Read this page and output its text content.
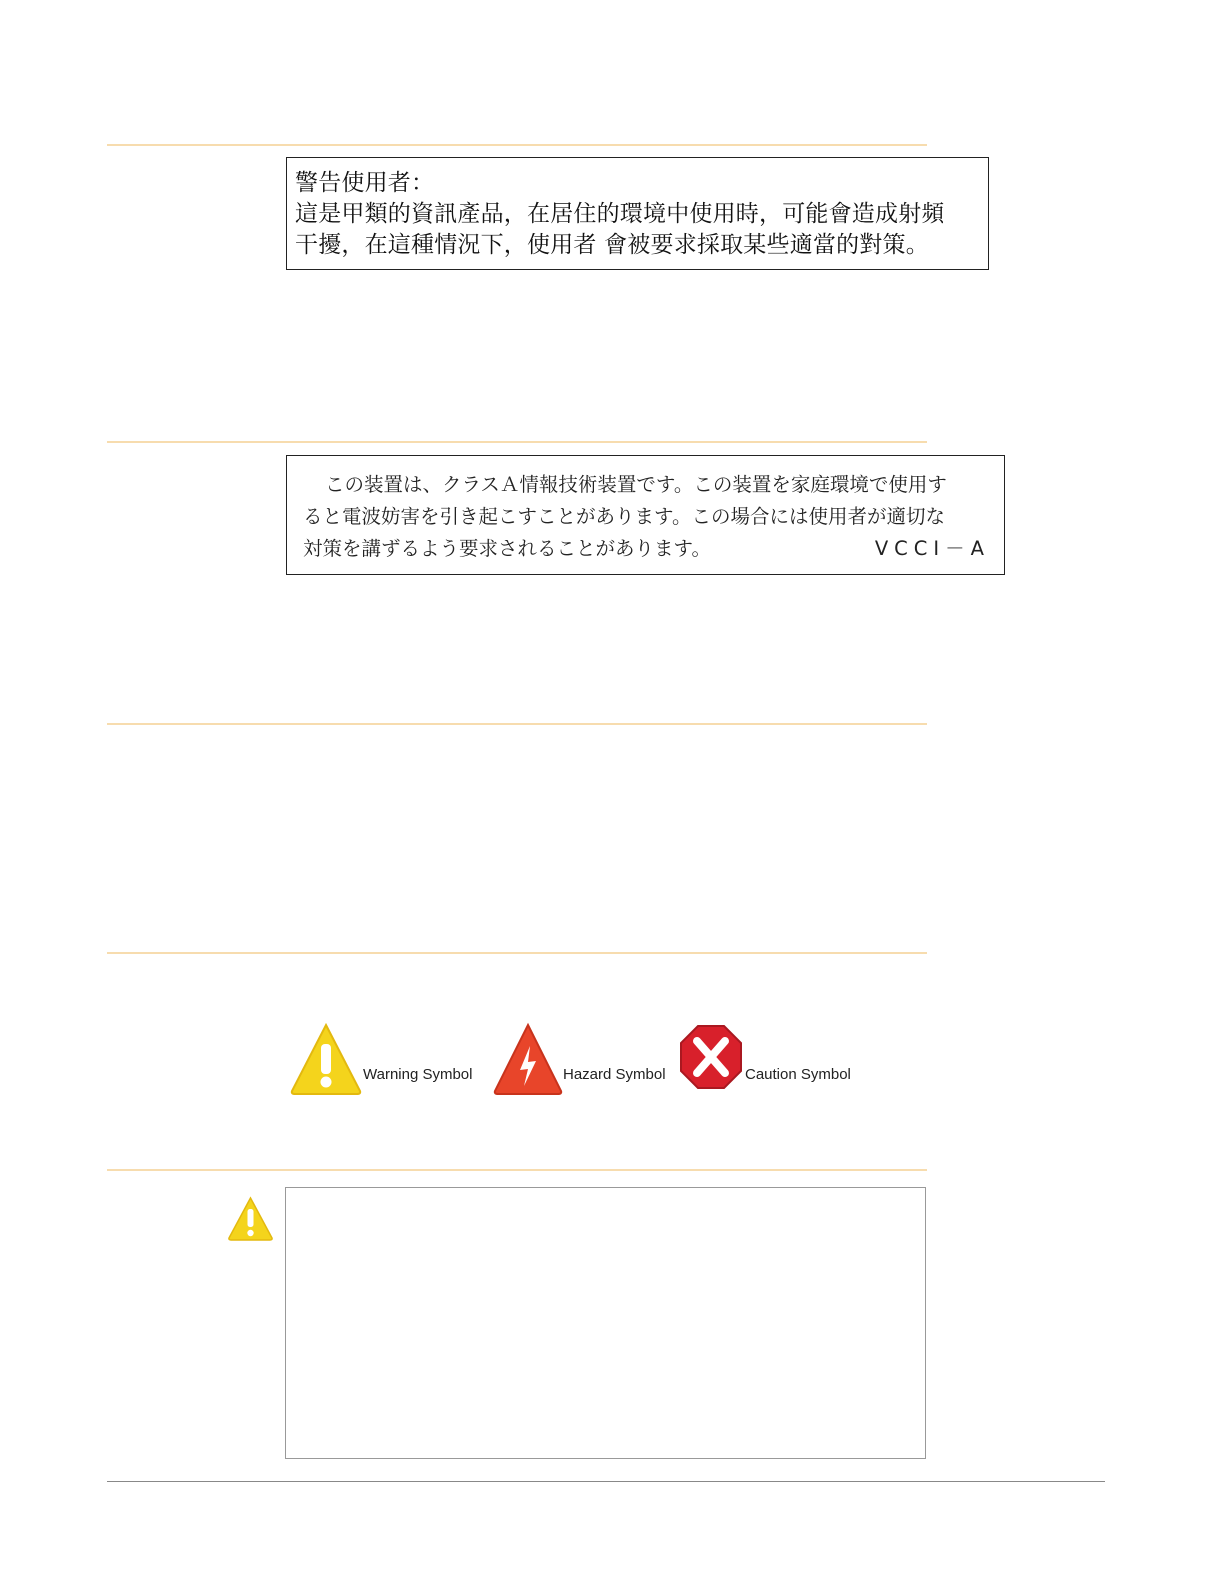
警告使用者：
這是甲類的資訊產品，在居住的環境中使用時，可能會造成射頻
干擾，在這種情況下，使用者 會被要求採取某些適當的對策。
この装置は、クラスＡ情報技術装置です。この装置を家庭環境で使用す
ると電波妨害を引き起こすことがあります。この場合には使用者が適切な
対策を講ずるよう要求されることがあります。	VCCI－A
Warning Symbol	Hazard Symbol	Caution Symbol
